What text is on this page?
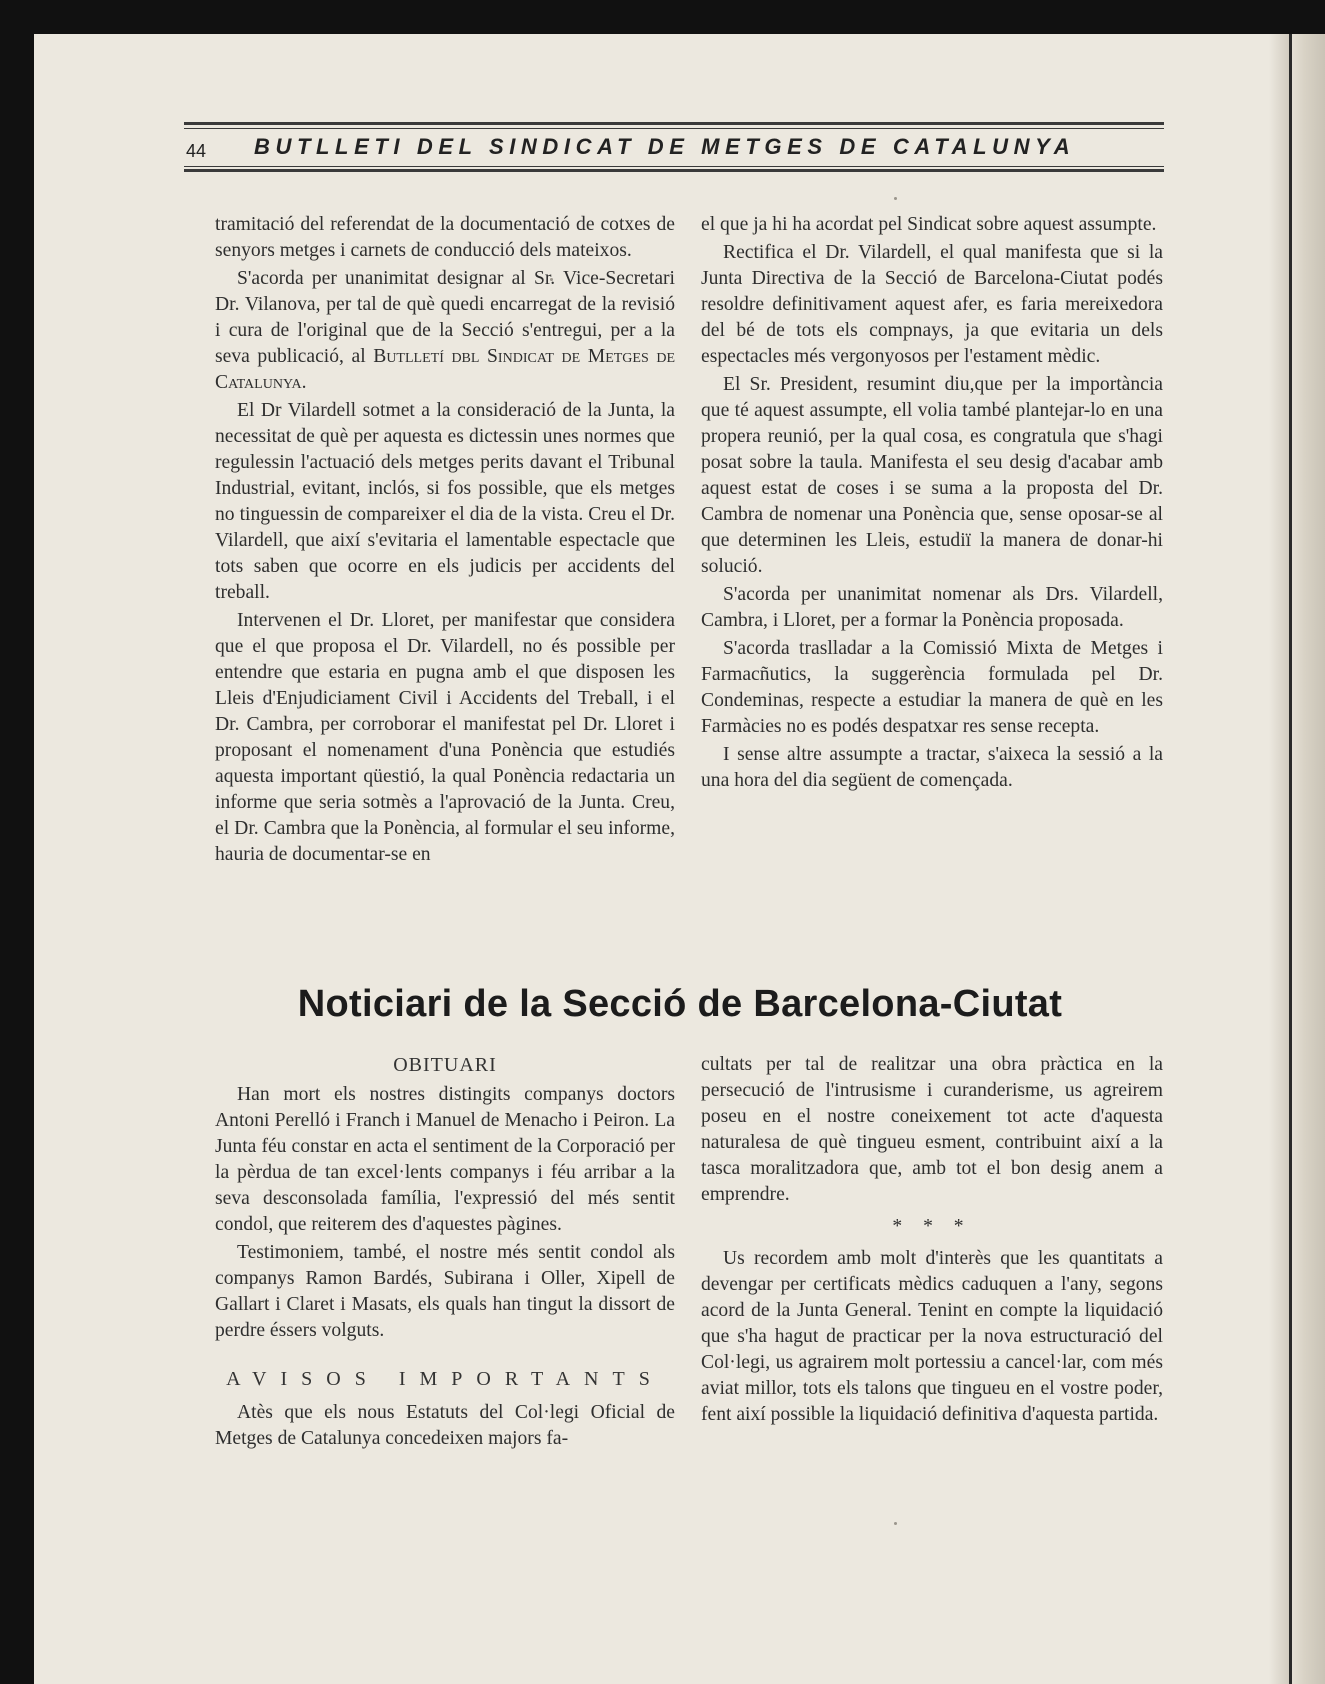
44 BUTLLETI DEL SINDICAT DE METGES DE CATALUNYA

tramitació del referendat de la documentació de cotxes de senyors metges i carnets de conducció dels mateixos.

S'acorda per unanimitat designar al Sr. Vice-Secretari Dr. Vilanova, per tal de què quedi encarregat de la revisió i cura de l'original que de la Secció s'entregui, per a la seva publicació, al Butlletí dbl Sindicat de Metges de Catalunya.

El Dr Vilardell sotmet a la consideració de la Junta, la necessitat de què per aquesta es dictessin unes normes que regulessin l'actuació dels metges perits davant el Tribunal Industrial, evitant, inclós, si fos possible, que els metges no tinguessin de compareixer el dia de la vista. Creu el Dr. Vilardell, que així s'evitaria el lamentable espectacle que tots saben que ocorre en els judicis per accidents del treball.

Intervenen el Dr. Lloret, per manifestar que considera que el que proposa el Dr. Vilardell, no és possible per entendre que estaria en pugna amb el que disposen les Lleis d'Enjudiciament Civil i Accidents del Treball, i el Dr. Cambra, per corroborar el manifestat pel Dr. Lloret i proposant el nomenament d'una Ponència que estudiés aquesta important qüestió, la qual Ponència redactaria un informe que seria sotmès a l'aprovació de la Junta. Creu, el Dr. Cambra que la Ponència, al formular el seu informe, hauria de documentar-se en

el que ja hi ha acordat pel Sindicat sobre aquest assumpte.

Rectifica el Dr. Vilardell, el qual manifesta que si la Junta Directiva de la Secció de Barcelona-Ciutat podés resoldre definitivament aquest afer, es faria mereixedora del bé de tots els compnays, ja que evitaria un dels espectacles més vergonyosos per l'estament mèdic.

El Sr. President, resumint diu,que per la importància que té aquest assumpte, ell volia també plantejar-lo en una propera reunió, per la qual cosa, es congratula que s'hagi posat sobre la taula. Manifesta el seu desig d'acabar amb aquest estat de coses i se suma a la proposta del Dr. Cambra de nomenar una Ponència que, sense oposar-se al que determinen les Lleis, estudiï la manera de donar-hi solució.

S'acorda per unanimitat nomenar als Drs. Vilardell, Cambra, i Lloret, per a formar la Ponència proposada.

S'acorda traslladar a la Comissió Mixta de Metges i Farmacñutics, la suggerència formulada pel Dr. Condeminas, respecte a estudiar la manera de què en les Farmàcies no es podés despatxar res sense recepta.

I sense altre assumpte a tractar, s'aixeca la sessió a la una hora del dia següent de començada.

Noticiari de la Secció de Barcelona-Ciutat
OBITUARI

Han mort els nostres distingits companys doctors Antoni Perelló i Franch i Manuel de Menacho i Peiron. La Junta féu constar en acta el sentiment de la Corporació per la pèrdua de tan excel·lents companys i féu arribar a la seva desconsolada família, l'expressió del més sentit condol, que reiterem des d'aquestes pàgines.

Testimoniem, també, el nostre més sentit condol als companys Ramon Bardés, Subirana i Oller, Xipell de Gallart i Claret i Masats, els quals han tingut la dissort de perdre éssers volguts.

AVISOS IMPORTANTS

Atès que els nous Estatuts del Col·legi Oficial de Metges de Catalunya concedeixen majors fa-

cultats per tal de realitzar una obra pràctica en la persecució de l'intrusisme i curanderisme, us agreirem poseu en el nostre coneixement tot acte d'aquesta naturalesa de què tingueu esment, contribuint així a la tasca moralitzadora que, amb tot el bon desig anem a emprendre.

* * *

Us recordem amb molt d'interès que les quantitats a devengar per certificats mèdics caduquen a l'any, segons acord de la Junta General. Tenint en compte la liquidació que s'ha hagut de practicar per la nova estructuració del Col·legi, us agrairem molt portessiu a cancel·lar, com més aviat millor, tots els talons que tingueu en el vostre poder, fent així possible la liquidació definitiva d'aquesta partida.
